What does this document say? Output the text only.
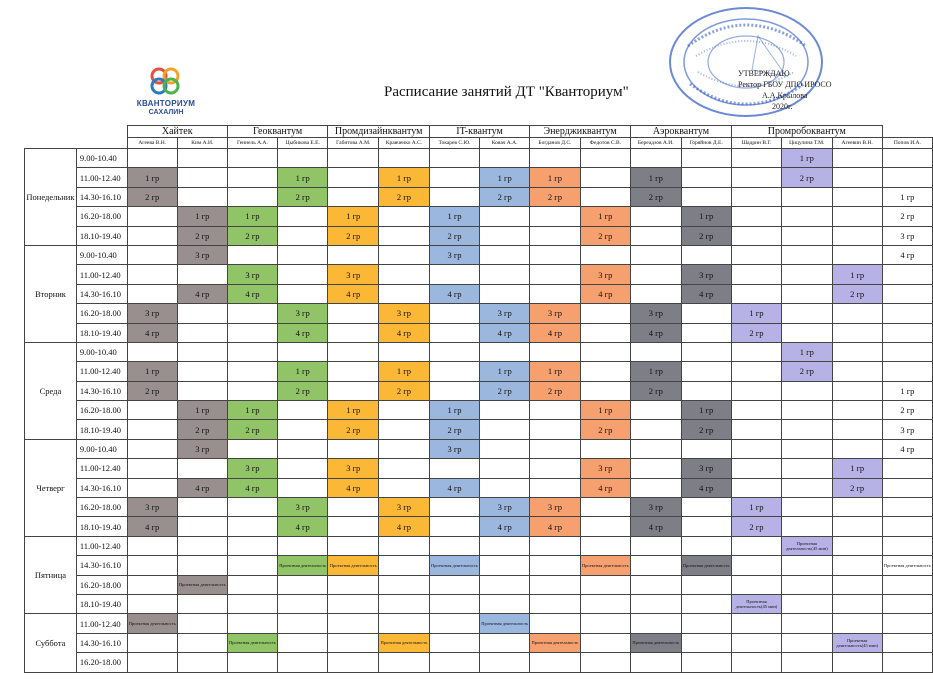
КВАНТОРИУМ
САХАЛИН
Расписание занятий ДТ "Кванториум"
УТВЕРЖДАЮ
Ректор ГБОУ ДПО ИРОСО
А.А.Крылова
2020г.
		Хайтек		Геоквантум		Промдизайнквантум		IT-квантум		Энерджиквантум		Аэроквантум		Промробоквантум			
		Агеева В.Н.	Ким А.И.	Геннель А.А.	Цыбикова Е.Е.	Габитова А.М.	Кравченко А.С.	Токарев С.Ю.	Ковач А.А.	Богданов Д.С.	Федотов С.В.	Береадзов А.И.	Горяйнов Д.Е.	Шадрин В.Г.	Цицулина Т.М.	Агеевин В.Н.	Попов И.А.
Понедельник	9.00-10.40														1 гр		
	11.00-12.40	1 гр			1 гр		1 гр		1 гр	1 гр		1 гр			2 гр		
	14.30-16.10	2 гр			2 гр		2 гр		2 гр	2 гр		2 гр					1 гр
	16.20-18.00		1 гр	1 гр		1 гр		1 гр			1 гр		1 гр				2 гр
	18.10-19.40		2 гр	2 гр		2 гр		2 гр			2 гр		2 гр				3 гр
Вторник	9.00-10.40		3 гр					3 гр									4 гр
	11.00-12.40			3 гр		3 гр					3 гр		3 гр			1 гр	
	14.30-16.10		4 гр	4 гр		4 гр		4 гр			4 гр		4 гр			2 гр	
	16.20-18.00	3 гр			3 гр		3 гр		3 гр	3 гр		3 гр		1 гр			
	18.10-19.40	4 гр			4 гр		4 гр		4 гр	4 гр		4 гр		2 гр			
Среда	9.00-10.40														1 гр		
	11.00-12.40	1 гр			1 гр		1 гр		1 гр	1 гр		1 гр			2 гр		
	14.30-16.10	2 гр			2 гр		2 гр		2 гр	2 гр		2 гр					1 гр
	16.20-18.00		1 гр	1 гр		1 гр		1 гр			1 гр		1 гр				2 гр
	18.10-19.40		2 гр	2 гр		2 гр		2 гр			2 гр		2 гр				3 гр
Четверг	9.00-10.40		3 гр					3 гр									4 гр
	11.00-12.40			3 гр		3 гр					3 гр		3 гр			1 гр	
	14.30-16.10		4 гр	4 гр		4 гр		4 гр			4 гр		4 гр			2 гр	
	16.20-18.00	3 гр			3 гр		3 гр		3 гр	3 гр		3 гр		1 гр			
	18.10-19.40	4 гр			4 гр		4 гр		4 гр	4 гр		4 гр		2 гр			
Пятница	11.00-12.40														Проектная деятельность(45 мин)		
	14.30-16.10				Проектная деятельность	Проектная деятельность		Проектная деятельность			Проектная деятельность		Проектная деятельность				Проектная деятельность
	16.20-18.00		Проектная деятельность														
	18.10-19.40													Проектная деятельность(45 мин)			
Суббота	11.00-12.40	Проектная деятельность							Проектная деятельность								
	14.30-16.10			Проектная деятельность			Проектная деятельность			Проектная деятельность		Проектная деятельность				Проектная деятельность(45 мин)	
	16.20-18.00																
